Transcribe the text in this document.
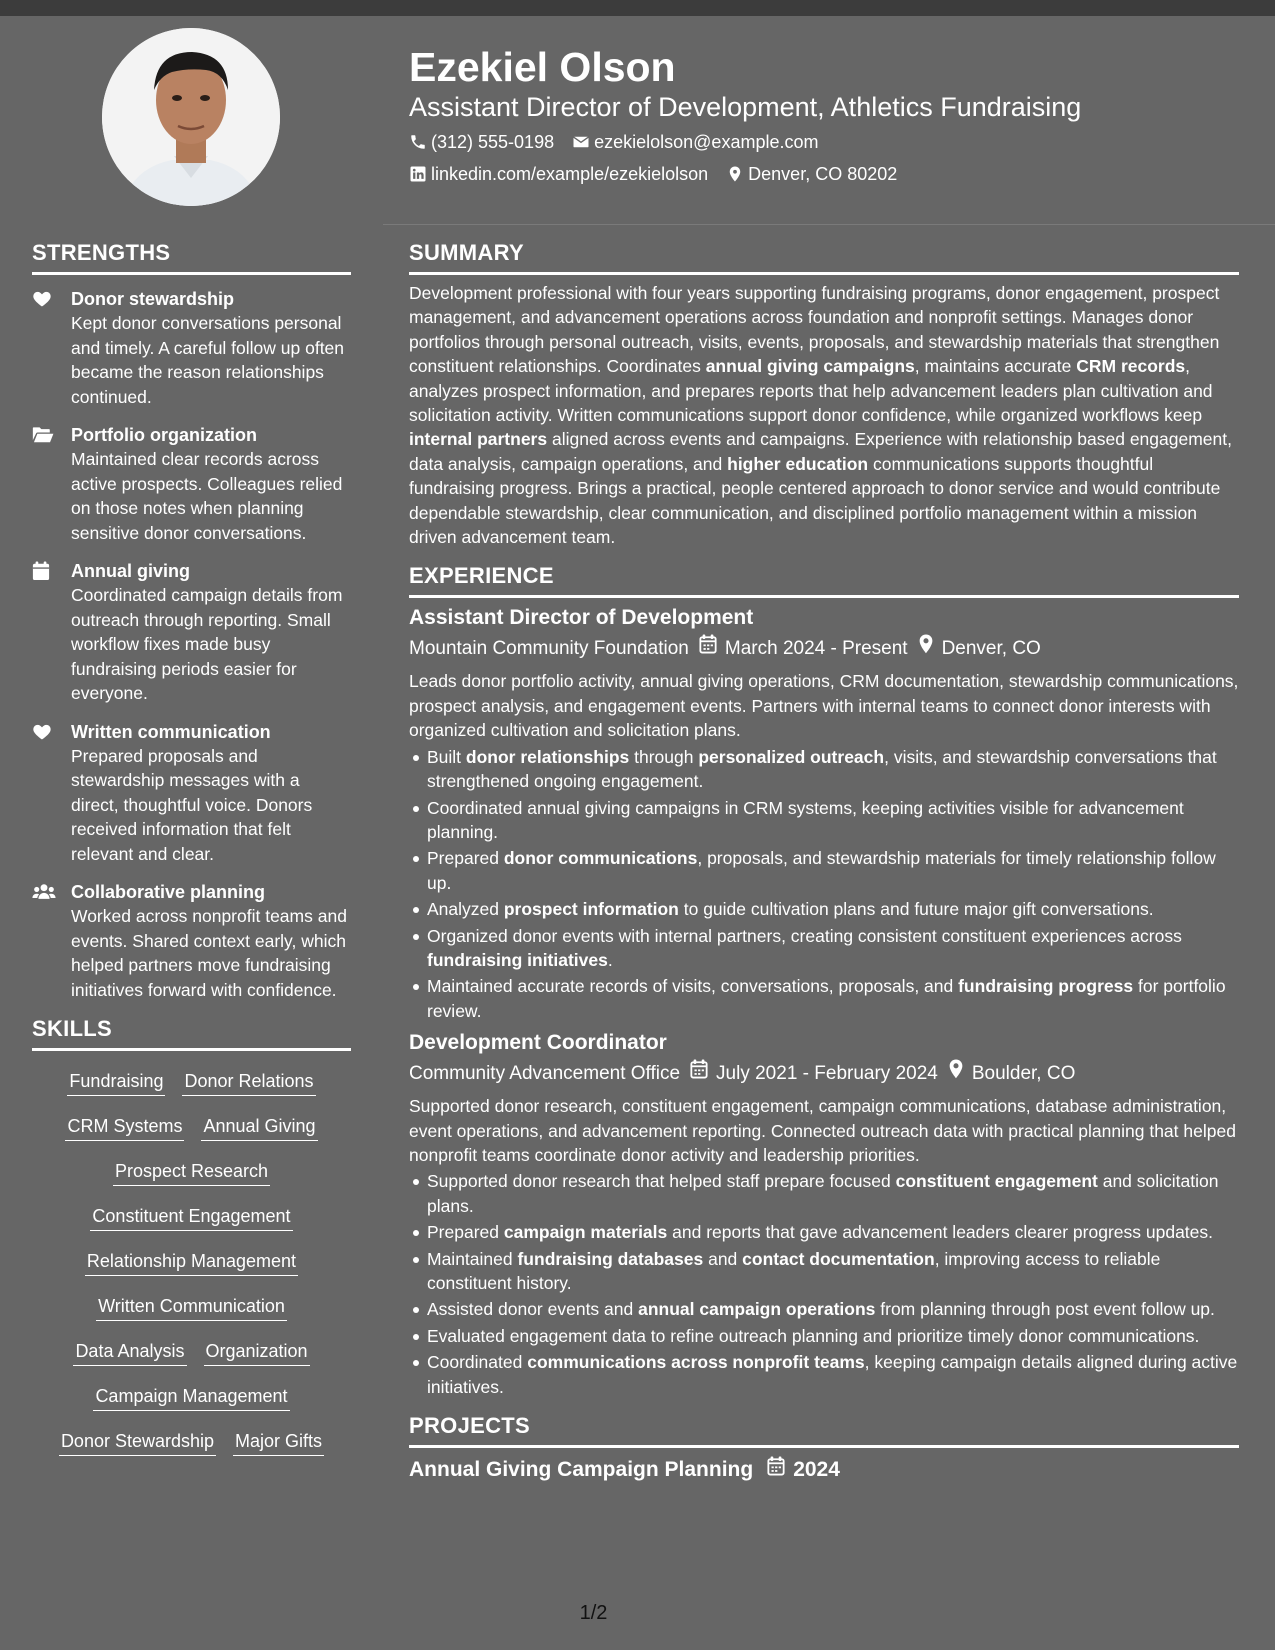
Ezekiel Olson
Assistant Director of Development, Athletics Fundraising
(312) 555-0198 ezekielolson@example.com
linkedin.com/example/ezekielolson Denver, CO 80202
STRENGTHS
Donor stewardship
Kept donor conversations personal and timely. A careful follow up often became the reason relationships continued.
Portfolio organization
Maintained clear records across active prospects. Colleagues relied on those notes when planning sensitive donor conversations.
Annual giving
Coordinated campaign details from outreach through reporting. Small workflow fixes made busy fundraising periods easier for everyone.
Written communication
Prepared proposals and stewardship messages with a direct, thoughtful voice. Donors received information that felt relevant and clear.
Collaborative planning
Worked across nonprofit teams and events. Shared context early, which helped partners move fundraising initiatives forward with confidence.
SKILLS
Fundraising Donor Relations
CRM Systems Annual Giving
Prospect Research
Constituent Engagement
Relationship Management
Written Communication
Data Analysis Organization
Campaign Management
Donor Stewardship Major Gifts
SUMMARY
Development professional with four years supporting fundraising programs, donor engagement, prospect management, and advancement operations across foundation and nonprofit settings. Manages donor portfolios through personal outreach, visits, events, proposals, and stewardship materials that strengthen constituent relationships. Coordinates annual giving campaigns, maintains accurate CRM records, analyzes prospect information, and prepares reports that help advancement leaders plan cultivation and solicitation activity. Written communications support donor confidence, while organized workflows keep internal partners aligned across events and campaigns. Experience with relationship based engagement, data analysis, campaign operations, and higher education communications supports thoughtful fundraising progress. Brings a practical, people centered approach to donor service and would contribute dependable stewardship, clear communication, and disciplined portfolio management within a mission driven advancement team.
EXPERIENCE
Assistant Director of Development
Mountain Community Foundation March 2024 - Present Denver, CO
Leads donor portfolio activity, annual giving operations, CRM documentation, stewardship communications, prospect analysis, and engagement events. Partners with internal teams to connect donor interests with organized cultivation and solicitation plans.
Built donor relationships through personalized outreach, visits, and stewardship conversations that strengthened ongoing engagement.
Coordinated annual giving campaigns in CRM systems, keeping activities visible for advancement planning.
Prepared donor communications, proposals, and stewardship materials for timely relationship follow up.
Analyzed prospect information to guide cultivation plans and future major gift conversations.
Organized donor events with internal partners, creating consistent constituent experiences across fundraising initiatives.
Maintained accurate records of visits, conversations, proposals, and fundraising progress for portfolio review.
Development Coordinator
Community Advancement Office July 2021 - February 2024 Boulder, CO
Supported donor research, constituent engagement, campaign communications, database administration, event operations, and advancement reporting. Connected outreach data with practical planning that helped nonprofit teams coordinate donor activity and leadership priorities.
Supported donor research that helped staff prepare focused constituent engagement and solicitation plans.
Prepared campaign materials and reports that gave advancement leaders clearer progress updates.
Maintained fundraising databases and contact documentation, improving access to reliable constituent history.
Assisted donor events and annual campaign operations from planning through post event follow up.
Evaluated engagement data to refine outreach planning and prioritize timely donor communications.
Coordinated communications across nonprofit teams, keeping campaign details aligned during active initiatives.
PROJECTS
Annual Giving Campaign Planning 2024
1/2
